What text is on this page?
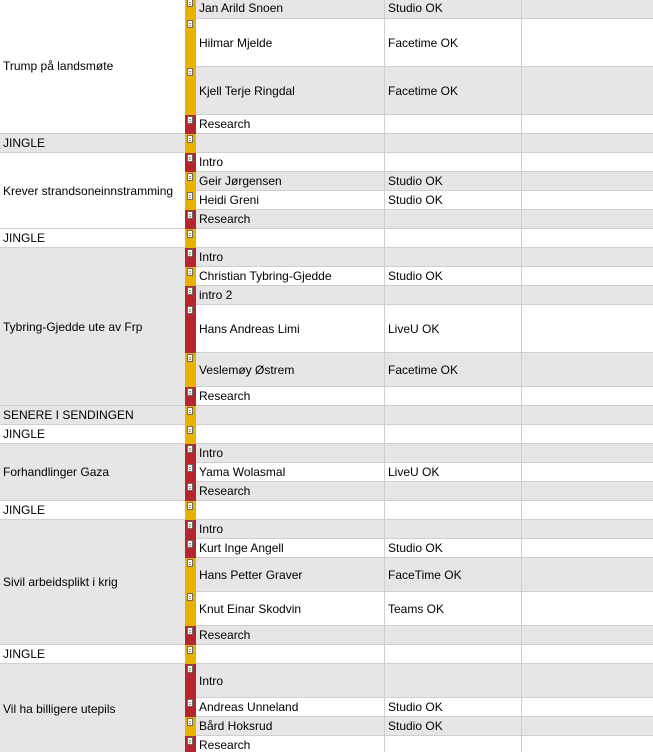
Trump på landsmøte
Jan Arild Snoen	Studio OK
Hilmar Mjelde	Facetime OK
Kjell Terje Ringdal	Facetime OK
Research
JINGLE
Krever strandsoneinnstramming
Intro
Geir Jørgensen	Studio OK
Heidi Greni	Studio OK
Research
JINGLE
Tybring-Gjedde ute av Frp
Intro
Christian Tybring-Gjedde	Studio OK
intro 2
Hans Andreas Limi	LiveU OK
Veslemøy Østrem	Facetime OK
Research
SENERE I SENDINGEN
JINGLE
Forhandlinger Gaza
Intro
Yama Wolasmal	LiveU OK
Research
JINGLE
Sivil arbeidsplikt i krig
Intro
Kurt Inge Angell	Studio OK
Hans Petter Graver	FaceTime OK
Knut Einar Skodvin	Teams OK
Research
JINGLE
Vil ha billigere utepils
Intro
Andreas Unneland	Studio OK
Bård Hoksrud	Studio OK
Research
